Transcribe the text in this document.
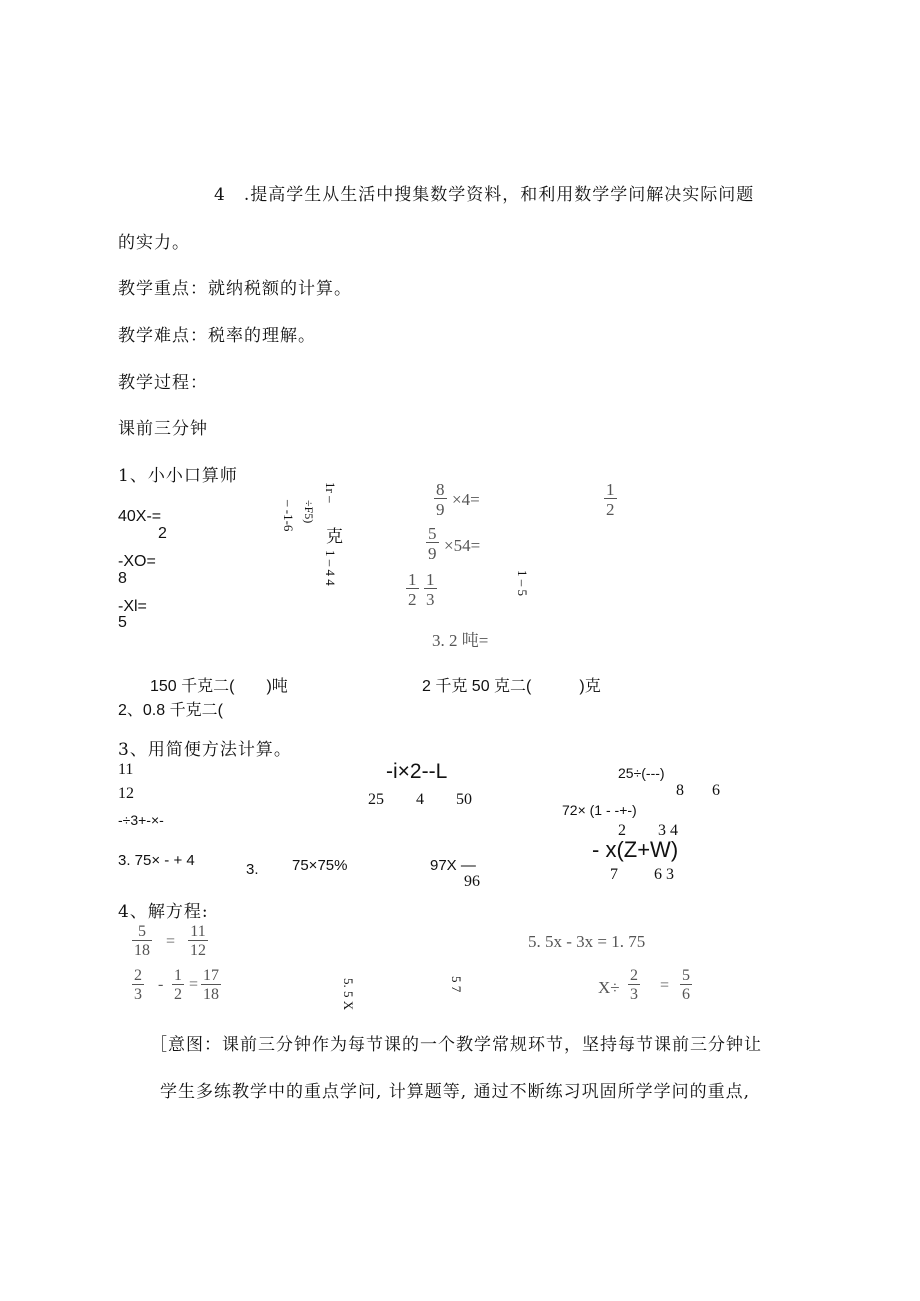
4　.提高学生从生活中搜集数学资料，和利用数学学问解决实际问题
的实力。
教学重点：就纳税额的计算。
教学难点：税率的理解。
教学过程：
课前三分钟
1、小小口算师
40X-=
2
-XO=
8
-Xl=
5
÷F5)
– -1-6
1r –
克
1 – 4 4
$\frac{8}{9} \times 4=$
$\frac{5}{9} \times 54=$
$\frac{1}{2} \frac{1}{3}$
$\frac{1}{2}$
1 – 5
3. 2 吨=
150 千克二(　　)吨	2 千克 50 克二(　　　)克
2、0.8 千克二(
3、用简便方法计算。
11
12
-÷3+-×-
3. 75× - + 4
3. 75×75%
-i×2--L
25　　4　　50
97X —
96
25÷(---)
8 6
72× (1 - -+-)
2　　3 4
- x(Z+W)
7　　 6 3
4、解方程:
$\frac{5}{18} = \frac{11}{12}$
$\frac{2}{3} - \frac{1}{2} = \frac{17}{18}$	5. 5 X	5 7
5. 5x - 3x = 1. 75
$X\div \frac{2}{3} = \frac{5}{6}$
［意图：课前三分钟作为每节课的一个教学常规环节，坚持每节课前三分钟让
学生多练教学中的重点学问, 计算题等, 通过不断练习巩固所学学问的重点,
